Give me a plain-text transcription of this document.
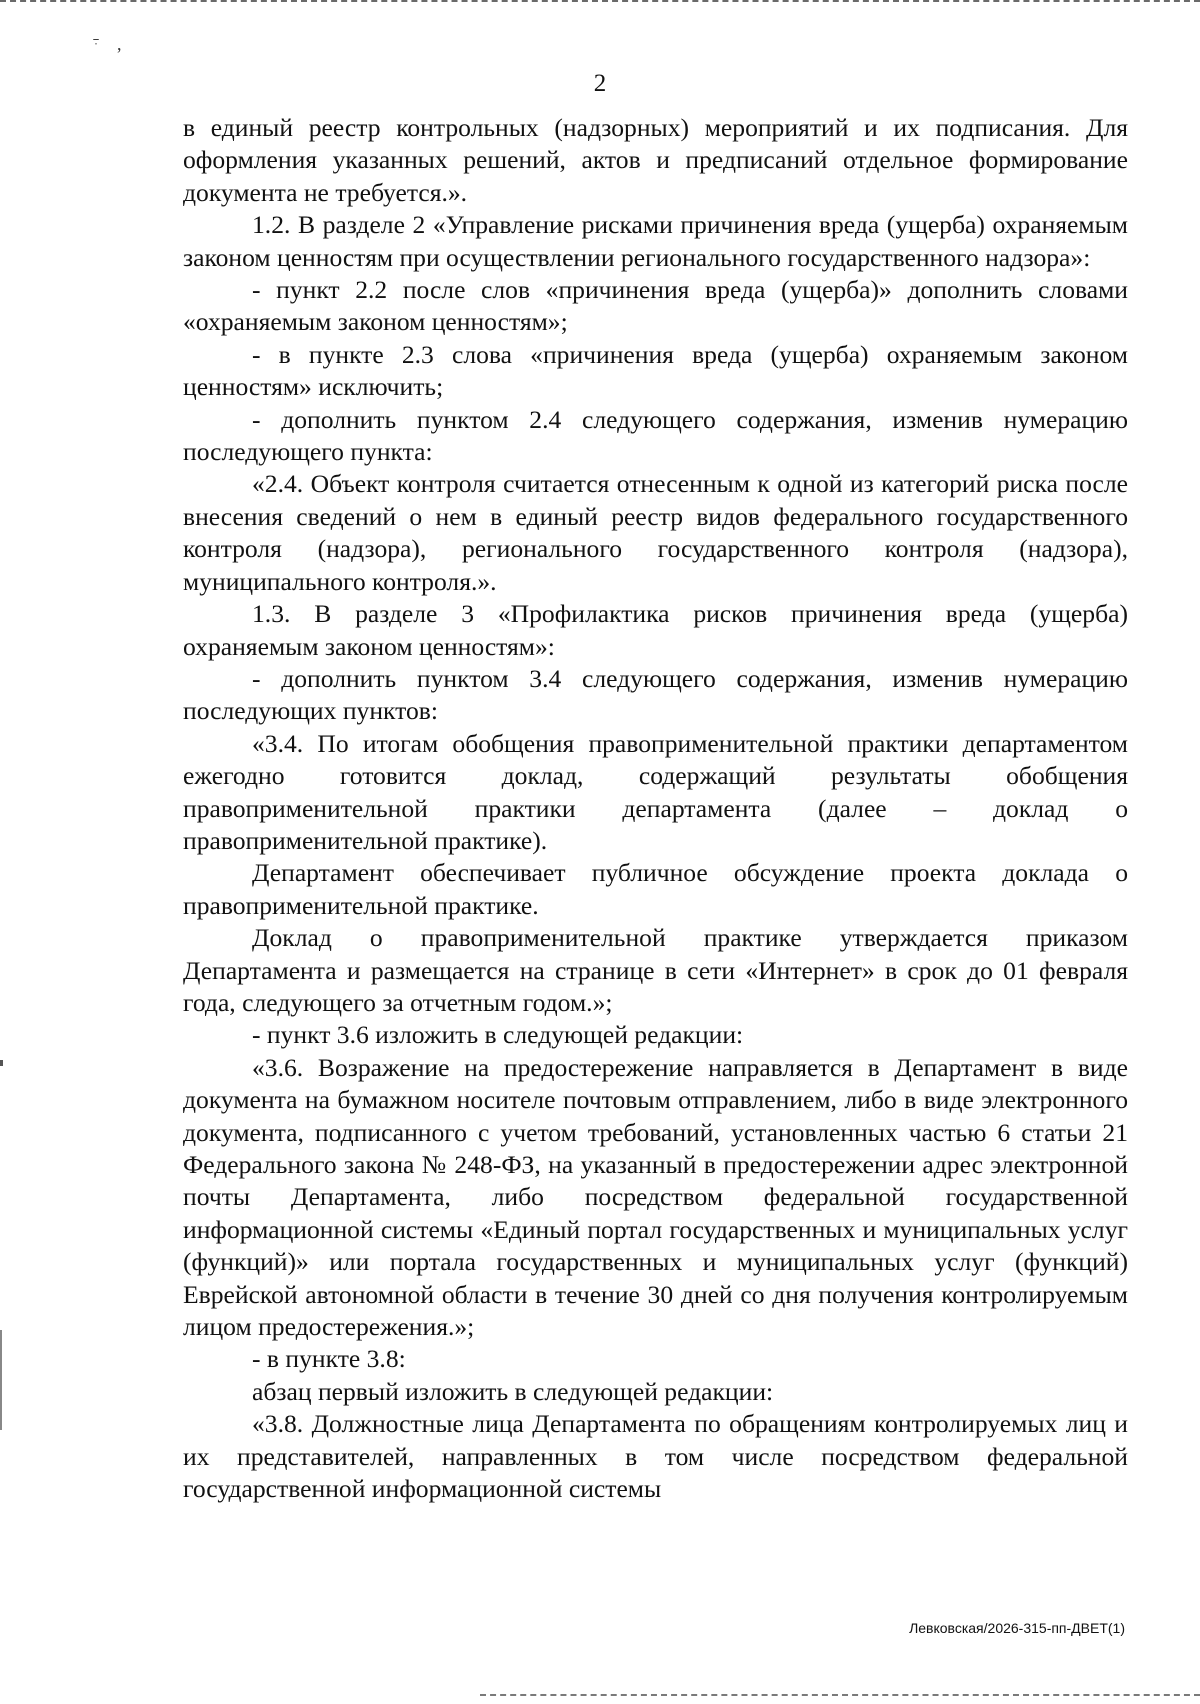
ּ ̄ ,
2

в единый реестр контрольных (надзорных) мероприятий и их подписания. Для оформления указанных решений, актов и предписаний отдельное формирование документа не требуется.».

1.2. В разделе 2 «Управление рисками причинения вреда (ущерба) охраняемым законом ценностям при осуществлении регионального государственного надзора»:

- пункт 2.2 после слов «причинения вреда (ущерба)» дополнить словами «охраняемым законом ценностям»;

- в пункте 2.3 слова «причинения вреда (ущерба) охраняемым законом ценностям» исключить;

- дополнить пунктом 2.4 следующего содержания, изменив нумерацию последующего пункта:

«2.4. Объект контроля считается отнесенным к одной из категорий риска после внесения сведений о нем в единый реестр видов федерального государственного контроля (надзора), регионального государственного контроля (надзора), муниципального контроля.».

1.3. В разделе 3 «Профилактика рисков причинения вреда (ущерба) охраняемым законом ценностям»:

- дополнить пунктом 3.4 следующего содержания, изменив нумерацию последующих пунктов:

«3.4. По итогам обобщения правоприменительной практики департаментом ежегодно готовится доклад, содержащий результаты обобщения правоприменительной практики департамента (далее – доклад о правоприменительной практике).

Департамент обеспечивает публичное обсуждение проекта доклада о правоприменительной практике.

Доклад о правоприменительной практике утверждается приказом Департамента и размещается на странице в сети «Интернет» в срок до 01 февраля года, следующего за отчетным годом.»;

- пункт 3.6 изложить в следующей редакции:

«3.6. Возражение на предостережение направляется в Департамент в виде документа на бумажном носителе почтовым отправлением, либо в виде электронного документа, подписанного с учетом требований, установленных частью 6 статьи 21 Федерального закона № 248-ФЗ, на указанный в предостережении адрес электронной почты Департамента, либо посредством федеральной государственной информационной системы «Единый портал государственных и муниципальных услуг (функций)» или портала государственных и муниципальных услуг (функций) Еврейской автономной области в течение 30 дней со дня получения контролируемым лицом предостережения.»;

- в пункте 3.8:

абзац первый изложить в следующей редакции:

«3.8. Должностные лица Департамента по обращениям контролируемых лиц и их представителей, направленных в том числе посредством федеральной государственной информационной системы

Левковская/2026-315-пп-ДВЕТ(1)
